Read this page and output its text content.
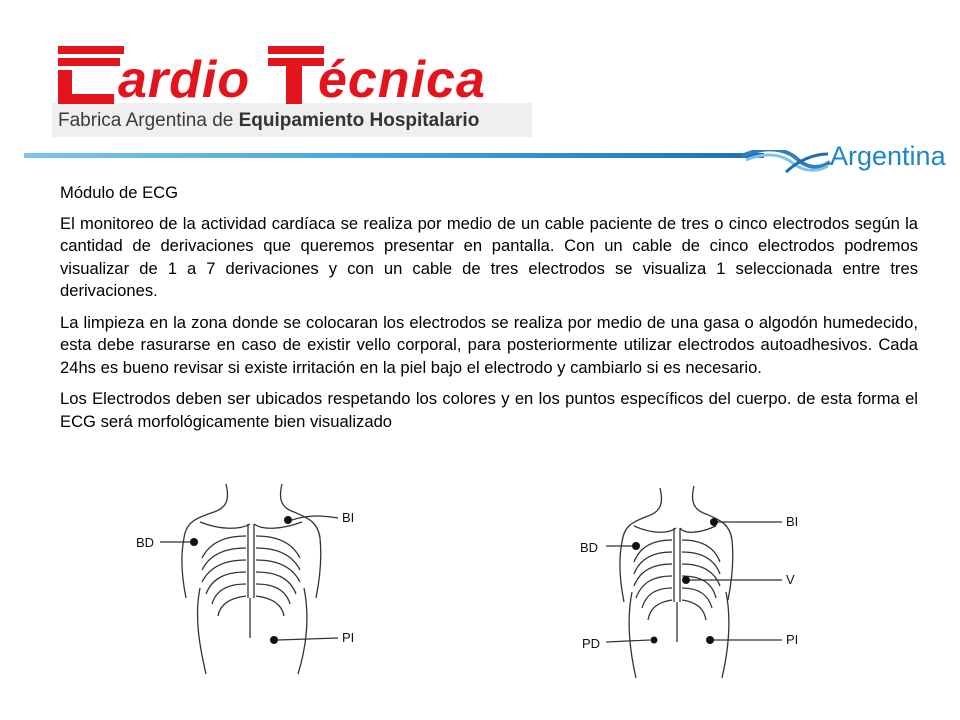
ardio écnica
Fabrica Argentina de Equipamiento Hospitalario
Argentina

Módulo de ECG

El monitoreo de la actividad cardíaca se realiza por medio de un cable paciente de tres o cinco electrodos según la cantidad de derivaciones que queremos presentar en pantalla. Con un cable de cinco electrodos podremos visualizar de 1 a 7 derivaciones y con un cable de tres electrodos se visualiza 1 seleccionada entre tres derivaciones.

La limpieza en la zona donde se colocaran los electrodos se realiza por medio de una gasa o algodón humedecido, esta debe rasurarse en caso de existir vello corporal, para posteriormente utilizar electrodos autoadhesivos. Cada 24hs es bueno revisar si existe irritación en la piel bajo el electrodo y cambiarlo si es necesario.

Los Electrodos deben ser ubicados respetando los colores y en los puntos específicos del cuerpo. de esta forma el ECG será morfológicamente bien visualizado

BD
BI
PI
BD
BI
V
PD	PI
